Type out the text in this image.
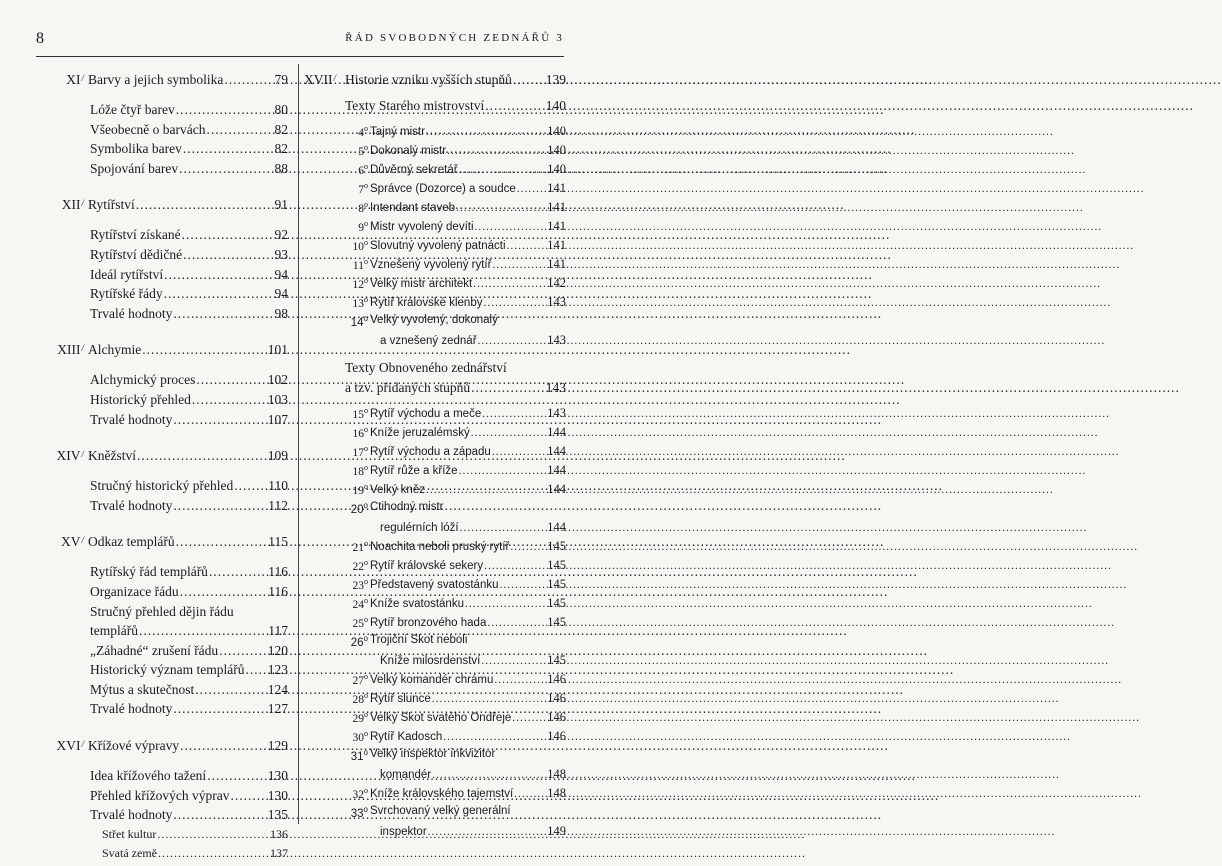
8	ŘÁD SVOBODNÝCH ZEDNÁŘŮ 3
XI/ Barvy a jejich symbolika .....	79
Lóže čtyř barev .....	80
Všeobecně o barvách .....	82
Symbolika barev .....	82
Spojování barev .....	88
XII/ Rytířství .....	91
Rytířství získané .....	92
Rytířství dědičné .....	93
Ideál rytířství .....	94
Rytířské řády .....	94
Trvalé hodnoty .....	98
XIII/ Alchymie .....	101
Alchymický proces .....	102
Historický přehled .....	103
Trvalé hodnoty .....	107
XIV/ Kněžství .....	109
Stručný historický přehled .....	110
Trvalé hodnoty .....	112
XV/ Odkaz templářů .....	115
Rytířský řád templářů .....	116
Organizace řádu .....	116
Stručný přehled dějin řádu
templářů .....	117
„Záhadné“ zrušení řádu .....	120
Historický význam templářů ..... 123
Mýtus a skutečnost .....	124
Trvalé hodnoty .....	127
XVI/ Křížové výpravy .....	129
Idea křížového tažení .....	130
Přehled křížových výprav .....	130
Trvalé hodnoty .....	135
Střet kultur .....	136
Svatá země .....	137
XVII/ Historie vzniku vyšších stupňů .....	139
Texty Starého mistrovství .....	140
4$^o$ Tajný mistr .....	140
5$^o$ Dokonalý mistr .....	140
6$^o$ Důvěrný sekretář .....	140
7$^o$ Správce (Dozorce) a soudce .....	141
8$^o$ Intendant staveb .....	141
9$^o$ Mistr vyvolený devíti .....	141
10$^o$ Slovutný vyvolený patnácti .....	141
11$^o$ Vznešený vyvolený rytíř .....	141
12$^o$ Velký mistr architekt .....	142
13$^o$ Rytíř královské klenby .....	143
14$^o$ Velký vyvolený, dokonalý
a vznešený zednář .....	143
Texty Obnoveného zednářství
a tzv. přidaných stupňů .....	143
15$^o$ Rytíř východu a meče .....	143
16$^o$ Kníže jeruzalémský .....	144
17$^o$ Rytíř východu a západu .....	144
18$^o$ Rytíř růže a kříže .....	144
19$^o$ Velký kněz .....	144
20$^o$ Ctihodný mistr
regulérních lóží .....	144
21$^o$ Noachita neboli pruský rytíř .....	145
22$^o$ Rytíř královské sekery .....	145
23$^o$ Představený svatostánku .....	145
24$^o$ Kníže svatostánku .....	145
25$^o$ Rytíř bronzového hada .....	145
26$^o$ Trojiční Skot neboli
Kníže milosrdenství .....	145
27$^o$ Velký komandér chrámu .....	146
28$^o$ Rytíř slunce .....	146
29$^o$ Velký Skot svatého Ondřeje .....	146
30$^o$ Rytíř Kadosch .....	146
31$^o$ Velký inspektor inkvizitor
komandér .....	148
32$^o$ Kníže královského tajemství .....	148
33$^o$ Svrchovaný velký generální
inspektor .....	149
